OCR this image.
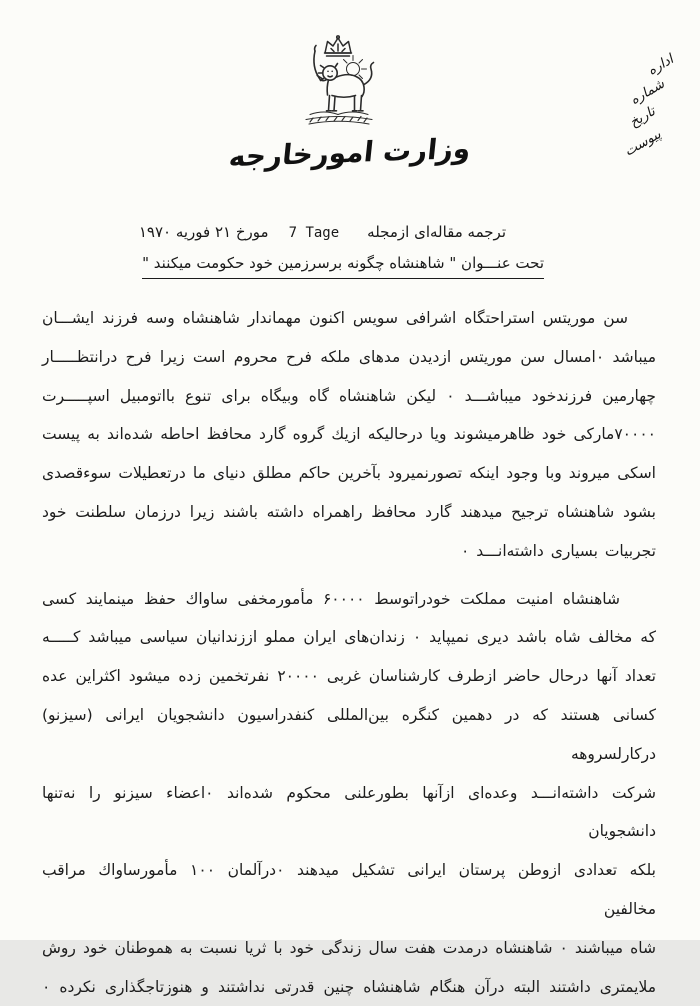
اداره
شماره
تاریخ
پیوست
وزارت امورخارجه
ترجمه مقاله‌ای ازمجله7 Tageمورخ ۲۱ فوریه ۱۹۷۰
تحت عنـــوان " شاهنشاه چگونه برسرزمین خود حکومت میکنند "
سن موریتس استراحتگاه اشرافی سویس اکنون مهماندار شاهنشاه وسه فرزند ایشـــان
میباشد ۰امسال سن موریتس ازدیدن مدهای ملکه فرح محروم است زیرا فرح درانتظـــــار
چهارمین فرزندخود میباشـــد ۰ لیکن شاهنشاه گاه وبیگاه برای تنوع بااتومبیل اسپـــــرت
۷۰۰۰۰مارکی خود ظاهرمیشوند ویا درحالیکه ازیك گروه گارد محافظ احاطه شده‌اند به پیست
اسکی میروند وبا وجود اینکه تصورنمیرود بآخرین حاکم مطلق دنیای ما درتعطیلات سوءقصدی
بشود شاهنشاه ترجیح میدهند گارد محافظ راهمراه داشته باشند زیرا درزمان سلطنت خود
تجربیات بسیاری داشته‌انـــد ۰
شاهنشاه امنیت مملکت خودراتوسط ۶۰۰۰۰ مأمورمخفی ساواك حفظ مینمایند کسی
که مخالف شاه باشد دیری نمیپاید ۰ زندان‌های ایران مملو اززندانیان سیاسی میباشد کـــــه
تعداد آنها درحال حاضر ازطرف کارشناسان غربی ۲۰۰۰۰ نفرتخمین زده میشود اکثراین عده
کسانی هستند که در دهمین کنگره بین‌المللی کنفدراسیون دانشجویان ایرانی (سیزنو) درکارلسروهه
شرکت داشته‌انـــد وعده‌ای ازآنها بطورعلنی محکوم شده‌اند ۰اعضاء سیزنو را نه‌تنها دانشجویان
بلکه تعدادی ازوطن پرستان ایرانی تشکیل میدهند ۰درآلمان ۱۰۰ مأمورساواك مراقب مخالفین
شاه میباشند ۰ شاهنشاه درمدت هفت سال زندگی خود با ثریا نسبت به هموطنان خود روش
ملایمتری داشتند البته درآن هنگام شاهنشاه چنین قدرتی نداشتند و هنوزتاجگذاری نکرده ۰
